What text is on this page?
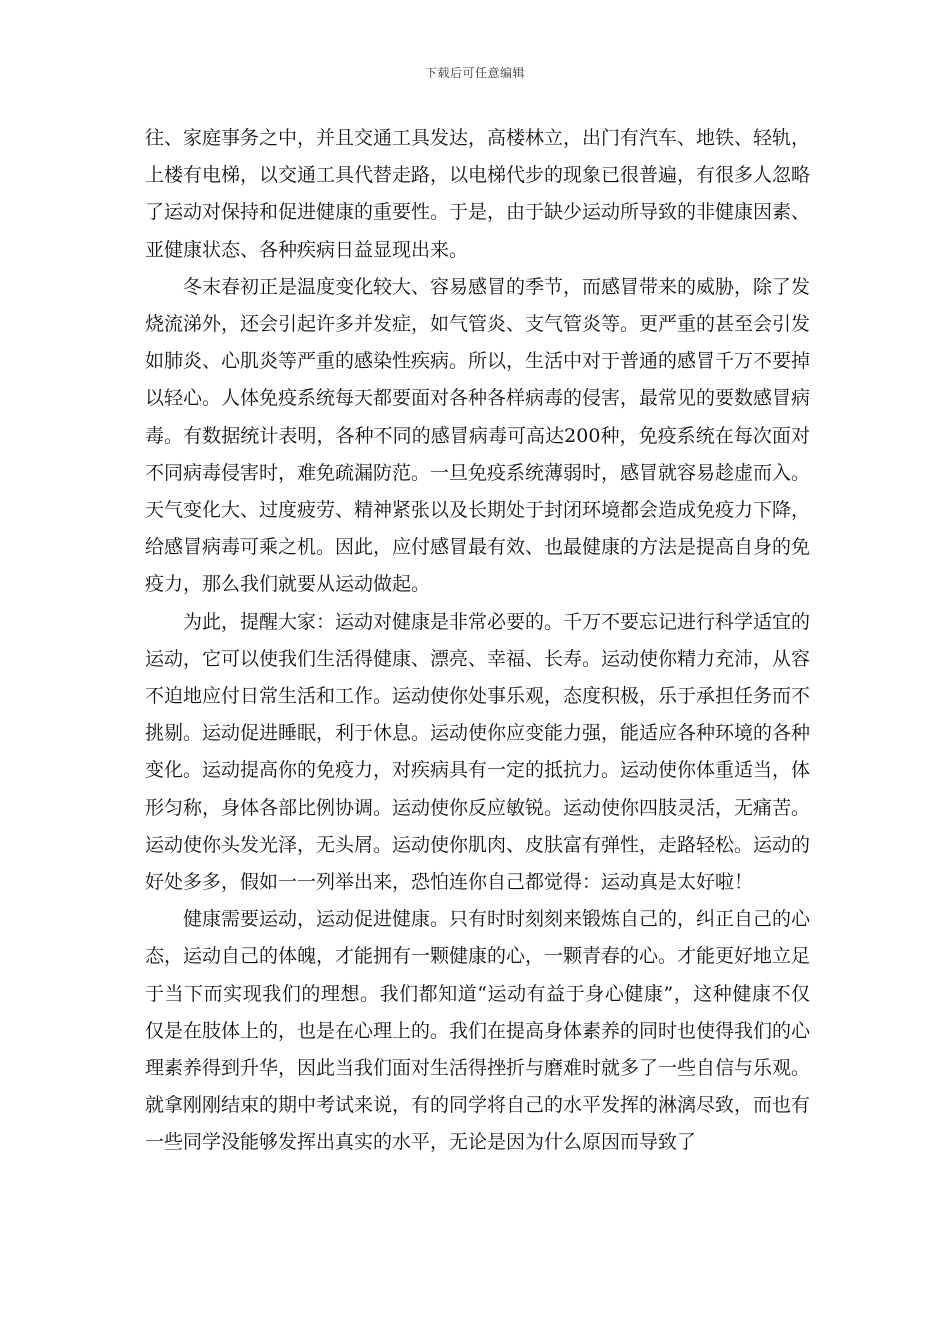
下载后可任意编辑

往、家庭事务之中，并且交通工具发达，高楼林立，出门有汽车、地铁、轻轨，上楼有电梯，以交通工具代替走路，以电梯代步的现象已很普遍，有很多人忽略了运动对保持和促进健康的重要性。于是，由于缺少运动所导致的非健康因素、亚健康状态、各种疾病日益显现出来。

冬末春初正是温度变化较大、容易感冒的季节，而感冒带来的威胁，除了发烧流涕外，还会引起许多并发症，如气管炎、支气管炎等。更严重的甚至会引发如肺炎、心肌炎等严重的感染性疾病。所以，生活中对于普通的感冒千万不要掉以轻心。人体免疫系统每天都要面对各种各样病毒的侵害，最常见的要数感冒病毒。有数据统计表明，各种不同的感冒病毒可高达200种，免疫系统在每次面对不同病毒侵害时，难免疏漏防范。一旦免疫系统薄弱时，感冒就容易趁虚而入。天气变化大、过度疲劳、精神紧张以及长期处于封闭环境都会造成免疫力下降，给感冒病毒可乘之机。因此，应付感冒最有效、也最健康的方法是提高自身的免疫力，那么我们就要从运动做起。

为此，提醒大家：运动对健康是非常必要的。千万不要忘记进行科学适宜的运动，它可以使我们生活得健康、漂亮、幸福、长寿。运动使你精力充沛，从容不迫地应付日常生活和工作。运动使你处事乐观，态度积极，乐于承担任务而不挑剔。运动促进睡眠，利于休息。运动使你应变能力强，能适应各种环境的各种变化。运动提高你的免疫力，对疾病具有一定的抵抗力。运动使你体重适当，体形匀称，身体各部比例协调。运动使你反应敏锐。运动使你四肢灵活，无痛苦。运动使你头发光泽，无头屑。运动使你肌肉、皮肤富有弹性，走路轻松。运动的好处多多，假如一一列举出来，恐怕连你自己都觉得：运动真是太好啦！

健康需要运动，运动促进健康。只有时时刻刻来锻炼自己的，纠正自己的心态，运动自己的体魄，才能拥有一颗健康的心，一颗青春的心。才能更好地立足于当下而实现我们的理想。我们都知道“运动有益于身心健康”，这种健康不仅仅是在肢体上的，也是在心理上的。我们在提高身体素养的同时也使得我们的心理素养得到升华，因此当我们面对生活得挫折与磨难时就多了一些自信与乐观。就拿刚刚结束的期中考试来说，有的同学将自己的水平发挥的淋漓尽致，而也有一些同学没能够发挥出真实的水平，无论是因为什么原因而导致了
